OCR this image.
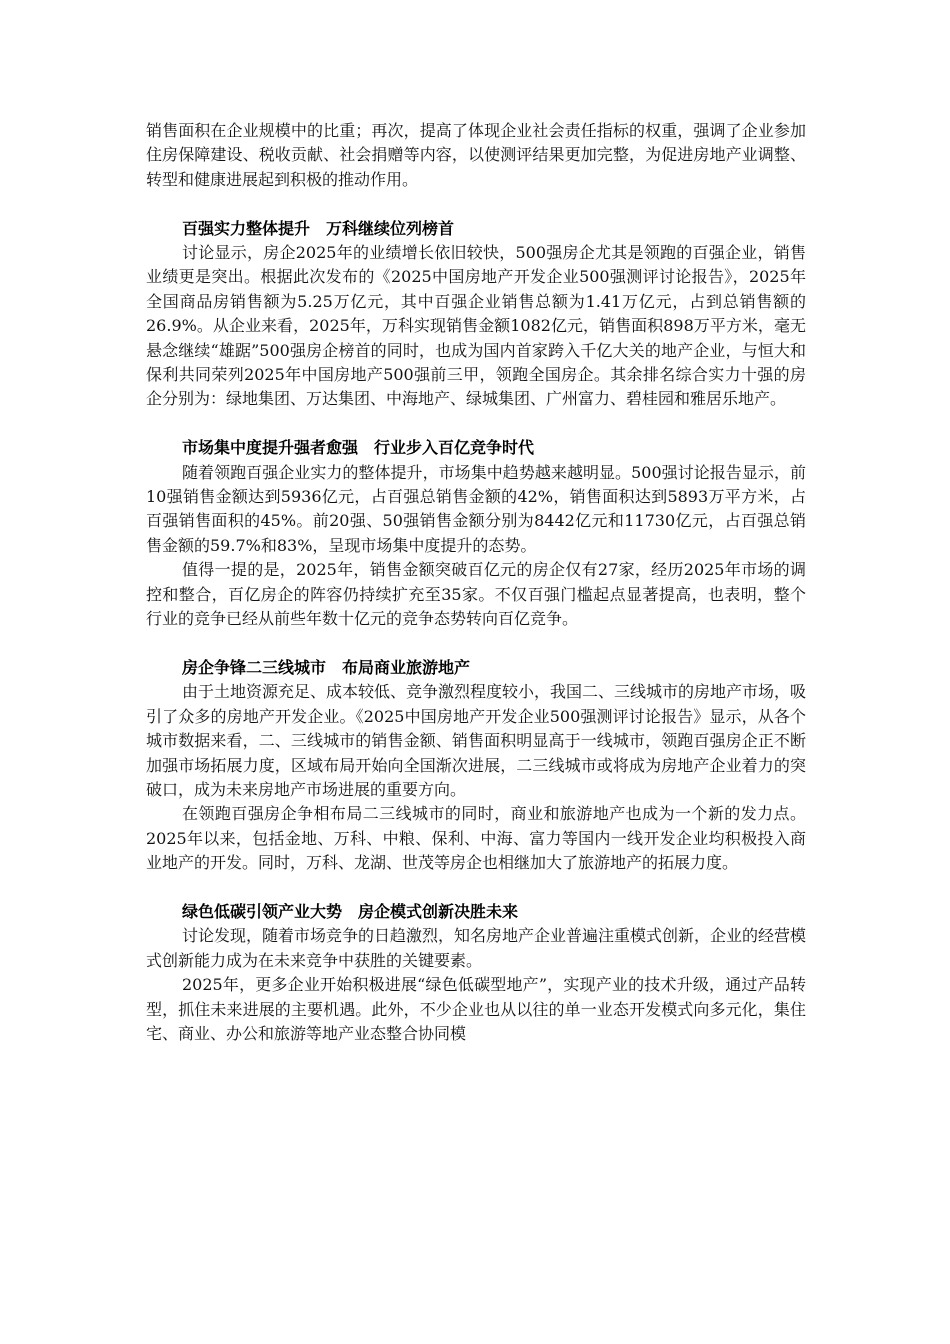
销售面积在企业规模中的比重；再次，提高了体现企业社会责任指标的权重，强调了企业参加住房保障建设、税收贡献、社会捐赠等内容，以使测评结果更加完整，为促进房地产业调整、转型和健康进展起到积极的推动作用。

百强实力整体提升　万科继续位列榜首

讨论显示，房企2025年的业绩增长依旧较快，500强房企尤其是领跑的百强企业，销售业绩更是突出。根据此次发布的《2025中国房地产开发企业500强测评讨论报告》，2025年全国商品房销售额为5.25万亿元，其中百强企业销售总额为1.41万亿元，占到总销售额的26.9%。从企业来看，2025年，万科实现销售金额1082亿元，销售面积898万平方米，毫无悬念继续“雄踞”500强房企榜首的同时，也成为国内首家跨入千亿大关的地产企业，与恒大和保利共同荣列2025年中国房地产500强前三甲，领跑全国房企。其余排名综合实力十强的房企分别为：绿地集团、万达集团、中海地产、绿城集团、广州富力、碧桂园和雅居乐地产。

市场集中度提升强者愈强　行业步入百亿竞争时代

随着领跑百强企业实力的整体提升，市场集中趋势越来越明显。500强讨论报告显示，前10强销售金额达到5936亿元，占百强总销售金额的42%，销售面积达到5893万平方米，占百强销售面积的45%。前20强、50强销售金额分别为8442亿元和11730亿元，占百强总销售金额的59.7%和83%，呈现市场集中度提升的态势。

值得一提的是，2025年，销售金额突破百亿元的房企仅有27家，经历2025年市场的调控和整合，百亿房企的阵容仍持续扩充至35家。不仅百强门槛起点显著提高，也表明，整个行业的竞争已经从前些年数十亿元的竞争态势转向百亿竞争。

房企争锋二三线城市　布局商业旅游地产

由于土地资源充足、成本较低、竞争激烈程度较小，我国二、三线城市的房地产市场，吸引了众多的房地产开发企业。《2025中国房地产开发企业500强测评讨论报告》显示，从各个城市数据来看，二、三线城市的销售金额、销售面积明显高于一线城市，领跑百强房企正不断加强市场拓展力度，区域布局开始向全国渐次进展，二三线城市或将成为房地产企业着力的突破口，成为未来房地产市场进展的重要方向。

在领跑百强房企争相布局二三线城市的同时，商业和旅游地产也成为一个新的发力点。2025年以来，包括金地、万科、中粮、保利、中海、富力等国内一线开发企业均积极投入商业地产的开发。同时，万科、龙湖、世茂等房企也相继加大了旅游地产的拓展力度。

绿色低碳引领产业大势　房企模式创新决胜未来

讨论发现，随着市场竞争的日趋激烈，知名房地产企业普遍注重模式创新，企业的经营模式创新能力成为在未来竞争中获胜的关键要素。

2025年，更多企业开始积极进展“绿色低碳型地产”，实现产业的技术升级，通过产品转型，抓住未来进展的主要机遇。此外，不少企业也从以往的单一业态开发模式向多元化，集住宅、商业、办公和旅游等地产业态整合协同模
